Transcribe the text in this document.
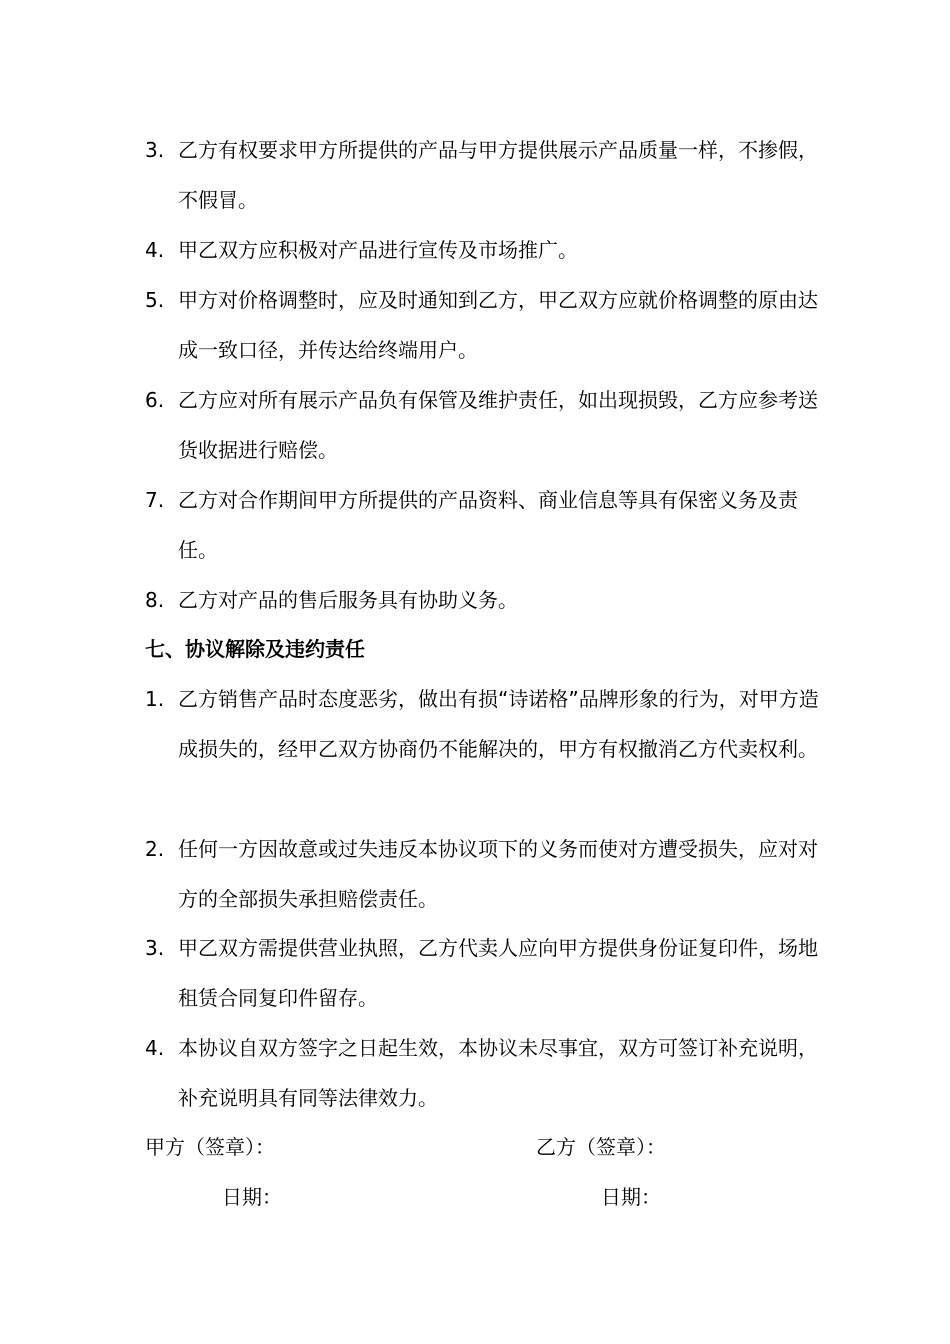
3. 乙方有权要求甲方所提供的产品与甲方提供展示产品质量一样，不掺假，不假冒。
4. 甲乙双方应积极对产品进行宣传及市场推广。
5. 甲方对价格调整时，应及时通知到乙方，甲乙双方应就价格调整的原由达成一致口径，并传达给终端用户。
6. 乙方应对所有展示产品负有保管及维护责任，如出现损毁，乙方应参考送货收据进行赔偿。
7. 乙方对合作期间甲方所提供的产品资料、商业信息等具有保密义务及责任。
8. 乙方对产品的售后服务具有协助义务。
七、协议解除及违约责任
1. 乙方销售产品时态度恶劣，做出有损“诗诺格”品牌形象的行为，对甲方造成损失的，经甲乙双方协商仍不能解决的，甲方有权撤消乙方代卖权利。
2. 任何一方因故意或过失违反本协议项下的义务而使对方遭受损失，应对对方的全部损失承担赔偿责任。
3. 甲乙双方需提供营业执照，乙方代卖人应向甲方提供身份证复印件，场地租赁合同复印件留存。
4. 本协议自双方签字之日起生效，本协议未尽事宜，双方可签订补充说明，补充说明具有同等法律效力。
甲方（签章）：	乙方（签章）：
日期：	日期：
